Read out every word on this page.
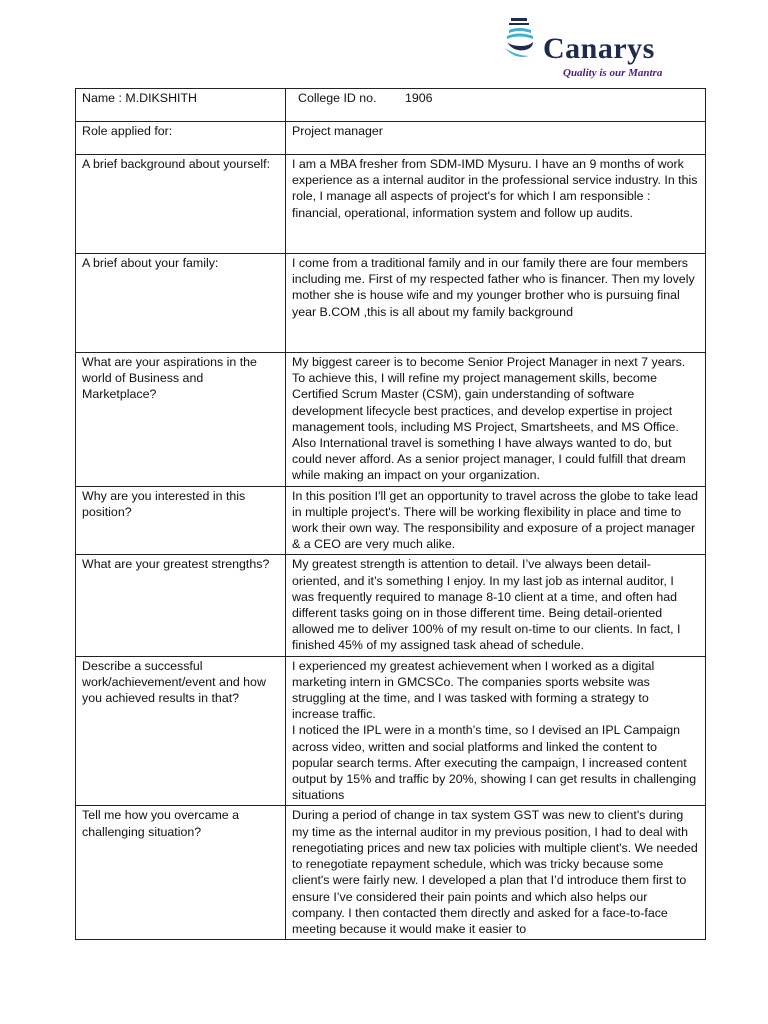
Canarys
Quality is our Mantra
Name : M.DIKSHITH	College ID no. 1906
Role applied for:	Project manager
A brief background about yourself:	I am a MBA fresher from SDM-IMD Mysuru. I have an 9 months of work experience as a internal auditor in the professional service industry. In this role, I manage all aspects of project's for which I am responsible : financial, operational, information system and follow up audits.
A brief about your family:	I come from a traditional family and in our family there are four members including me. First of my respected father who is financer. Then my lovely mother she is house wife and my younger brother who is pursuing final year B.COM ,this is all about my family background
What are your aspirations in the world of Business and Marketplace?	My biggest career is to become Senior Project Manager in next 7 years. To achieve this, I will refine my project management skills, become Certified Scrum Master (CSM), gain understanding of software development lifecycle best practices, and develop expertise in project management tools, including MS Project, Smartsheets, and MS Office. Also International travel is something I have always wanted to do, but could never afford. As a senior project manager, I could fulfill that dream while making an impact on your organization.
Why are you interested in this position?	In this position I'll get an opportunity to travel across the globe to take lead in multiple project's. There will be working flexibility in place and time to work their own way. The responsibility and exposure of a project manager & a CEO are very much alike.
What are your greatest strengths?	My greatest strength is attention to detail. I’ve always been detail-oriented, and it’s something I enjoy. In my last job as internal auditor, I was frequently required to manage 8-10 client at a time, and often had different tasks going on in those different time. Being detail-oriented allowed me to deliver 100% of my result on-time to our clients. In fact, I finished 45% of my assigned task ahead of schedule.
Describe a successful work/achievement/event and how you achieved results in that?	I experienced my greatest achievement when I worked as a digital marketing intern in GMCSCo. The companies sports website was struggling at the time, and I was tasked with forming a strategy to increase traffic.
I noticed the IPL were in a month’s time, so I devised an IPL Campaign across video, written and social platforms and linked the content to popular search terms. After executing the campaign, I increased content output by 15% and traffic by 20%, showing I can get results in challenging situations
Tell me how you overcame a challenging situation?	During a period of change in tax system GST was new to client's during my time as the internal auditor in my previous position, I had to deal with renegotiating prices and new tax policies with multiple client's. We needed to renegotiate repayment schedule, which was tricky because some client's were fairly new. I developed a plan that I’d introduce them first to ensure I’ve considered their pain points and which also helps our company. I then contacted them directly and asked for a face-to-face meeting because it would make it easier to
